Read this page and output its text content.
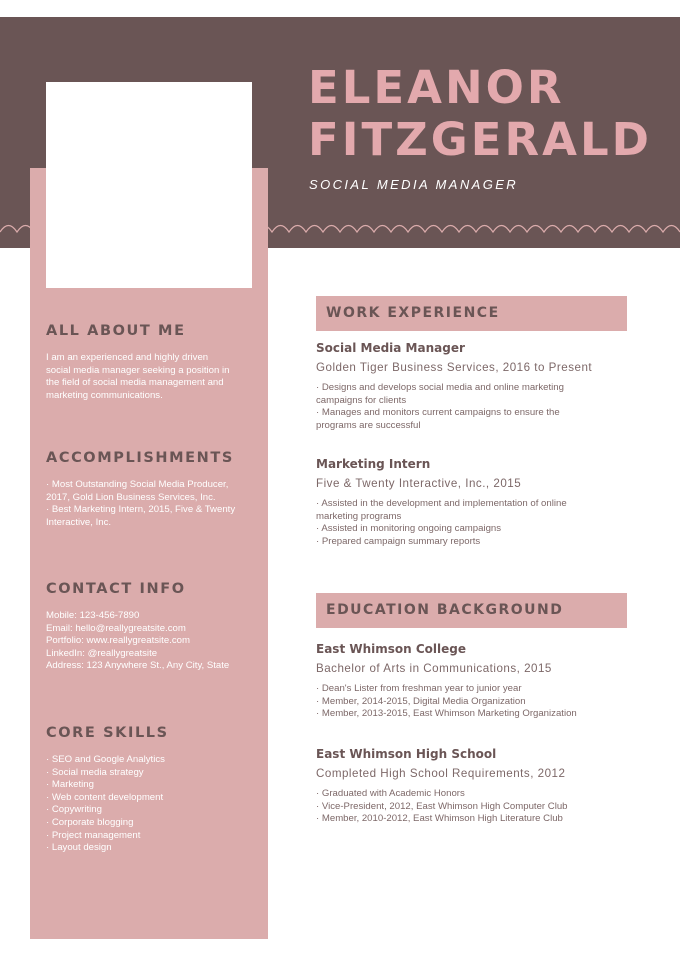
ELEANOR
FITZGERALD
SOCIAL MEDIA MANAGER
ALL ABOUT ME
I am an experienced and highly driven
social media manager seeking a position in
the field of social media management and
marketing communications.
ACCOMPLISHMENTS
· Most Outstanding Social Media Producer,
2017, Gold Lion Business Services, Inc.
· Best Marketing Intern, 2015, Five & Twenty
Interactive, Inc.
CONTACT INFO
Mobile: 123-456-7890
Email: hello@reallygreatsite.com
Portfolio: www.reallygreatsite.com
LinkedIn: @reallygreatsite
Address: 123 Anywhere St., Any City, State
CORE SKILLS
· SEO and Google Analytics
· Social media strategy
· Marketing
· Web content development
· Copywriting
· Corporate blogging
· Project management
· Layout design
WORK EXPERIENCE
Social Media Manager
Golden Tiger Business Services, 2016 to Present
· Designs and develops social media and online marketing
campaigns for clients
· Manages and monitors current campaigns to ensure the
programs are successful
Marketing Intern
Five & Twenty Interactive, Inc., 2015
· Assisted in the development and implementation of online
marketing programs
· Assisted in monitoring ongoing campaigns
· Prepared campaign summary reports
EDUCATION BACKGROUND
East Whimson College
Bachelor of Arts in Communications, 2015
· Dean's Lister from freshman year to junior year
· Member, 2014-2015, Digital Media Organization
· Member, 2013-2015, East Whimson Marketing Organization
East Whimson High School
Completed High School Requirements, 2012
· Graduated with Academic Honors
· Vice-President, 2012, East Whimson High Computer Club
· Member, 2010-2012, East Whimson High Literature Club
